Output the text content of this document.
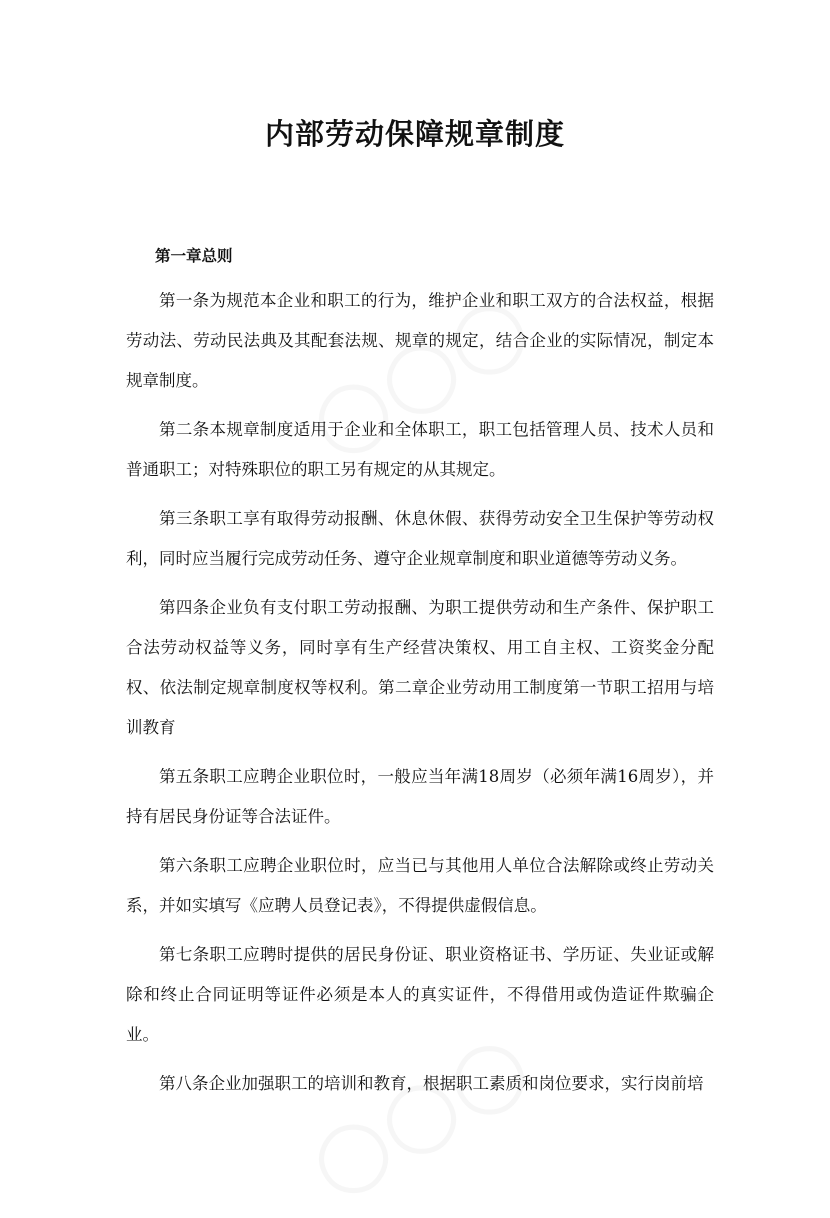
内部劳动保障规章制度

第一章总则

第一条为规范本企业和职工的行为，维护企业和职工双方的合法权益，根据劳动法、劳动民法典及其配套法规、规章的规定，结合企业的实际情况，制定本规章制度。

第二条本规章制度适用于企业和全体职工，职工包括管理人员、技术人员和普通职工；对特殊职位的职工另有规定的从其规定。

第三条职工享有取得劳动报酬、休息休假、获得劳动安全卫生保护等劳动权利，同时应当履行完成劳动任务、遵守企业规章制度和职业道德等劳动义务。

第四条企业负有支付职工劳动报酬、为职工提供劳动和生产条件、保护职工合法劳动权益等义务，同时享有生产经营决策权、用工自主权、工资奖金分配权、依法制定规章制度权等权利。第二章企业劳动用工制度第一节职工招用与培训教育

第五条职工应聘企业职位时，一般应当年满18周岁（必须年满16周岁），并持有居民身份证等合法证件。

第六条职工应聘企业职位时，应当已与其他用人单位合法解除或终止劳动关系，并如实填写《应聘人员登记表》，不得提供虚假信息。

第七条职工应聘时提供的居民身份证、职业资格证书、学历证、失业证或解除和终止合同证明等证件必须是本人的真实证件，不得借用或伪造证件欺骗企业。

第八条企业加强职工的培训和教育，根据职工素质和岗位要求，实行岗前培
